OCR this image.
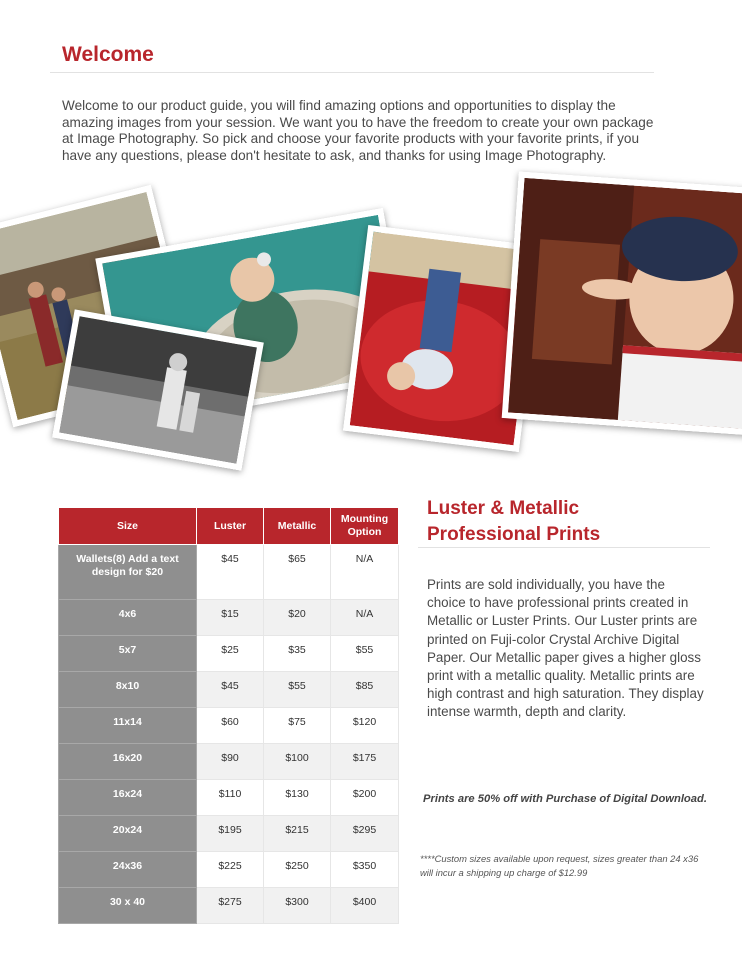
Welcome
Welcome to our product guide, you will find amazing options and opportunities to display the amazing images from your session. We want you to have the freedom to create your own package at Image Photography. So pick and choose your favorite products with your favorite prints, if you have any questions, please don't hesitate to ask, and thanks for using Image Photography.
Size	Luster	Metallic	Mounting Option
Wallets(8) Add a text design for $20	$45	$65	N/A
4x6	$15	$20	N/A
5x7	$25	$35	$55
8x10	$45	$55	$85
11x14	$60	$75	$120
16x20	$90	$100	$175
16x24	$110	$130	$200
20x24	$195	$215	$295
24x36	$225	$250	$350
30 x 40	$275	$300	$400
Luster & Metallic
Professional Prints
Prints are sold individually, you have the choice to have professional prints created in Metallic or Luster Prints. Our Luster prints are printed on Fuji-color Crystal Archive Digital Paper. Our Metallic paper gives a higher gloss print with a metallic quality. Metallic prints are high contrast and high saturation. They display intense warmth, depth and clarity.
Prints are 50% off with Purchase of Digital Download.
****Custom sizes available upon request, sizes greater than 24 x36 will incur a shipping up charge of $12.99
